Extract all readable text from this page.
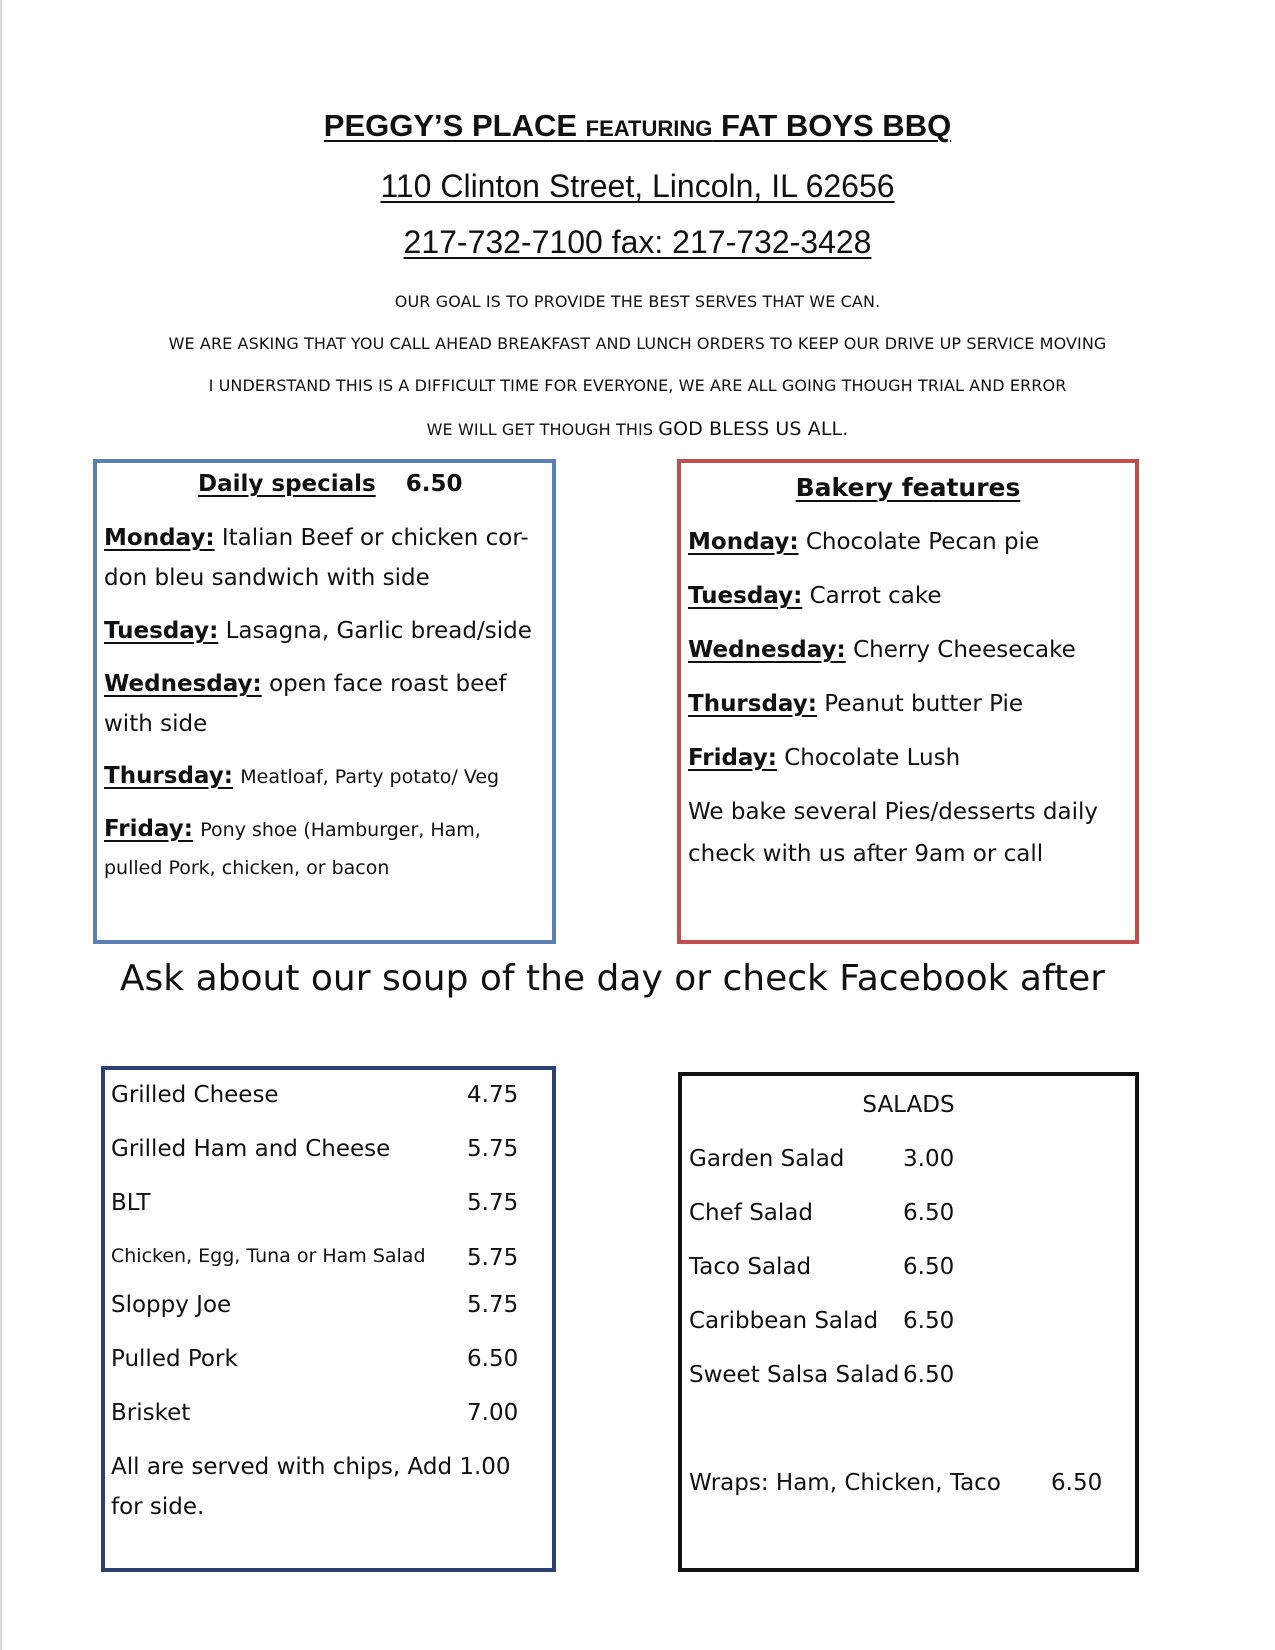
PEGGY’S PLACE FEATURING FAT BOYS BBQ
110 Clinton Street, Lincoln, IL 62656
217-732-7100 fax: 217-732-3428
OUR GOAL IS TO PROVIDE THE BEST SERVES THAT WE CAN.
WE ARE ASKING THAT YOU CALL AHEAD BREAKFAST AND LUNCH ORDERS TO KEEP OUR DRIVE UP SERVICE MOVING
I UNDERSTAND THIS IS A DIFFICULT TIME FOR EVERYONE, WE ARE ALL GOING THOUGH TRIAL AND ERROR
WE WILL GET THOUGH THIS GOD BLESS US ALL.
Daily specials 6.50
Monday: Italian Beef or chicken cor-
don bleu sandwich with side
Tuesday: Lasagna, Garlic bread/side
Wednesday: open face roast beef
with side
Thursday: Meatloaf, Party potato/ Veg
Friday: Pony shoe (Hamburger, Ham,
pulled Pork, chicken, or bacon
Bakery features
Monday: Chocolate Pecan pie
Tuesday: Carrot cake
Wednesday: Cherry Cheesecake
Thursday: Peanut butter Pie
Friday: Chocolate Lush
We bake several Pies/desserts daily
check with us after 9am or call
Ask about our soup of the day or check Facebook after
Grilled Cheese	4.75
Grilled Ham and Cheese	5.75
BLT	5.75
Chicken, Egg, Tuna or Ham Salad 5.75
Sloppy Joe	5.75
Pulled Pork	6.50
Brisket	7.00
All are served with chips, Add 1.00
for side.
SALADS
Garden Salad	3.00
Chef Salad	6.50
Taco Salad	6.50
Caribbean Salad 6.50
Sweet Salsa Salad 6.50
Wraps: Ham, Chicken, Taco 6.50
